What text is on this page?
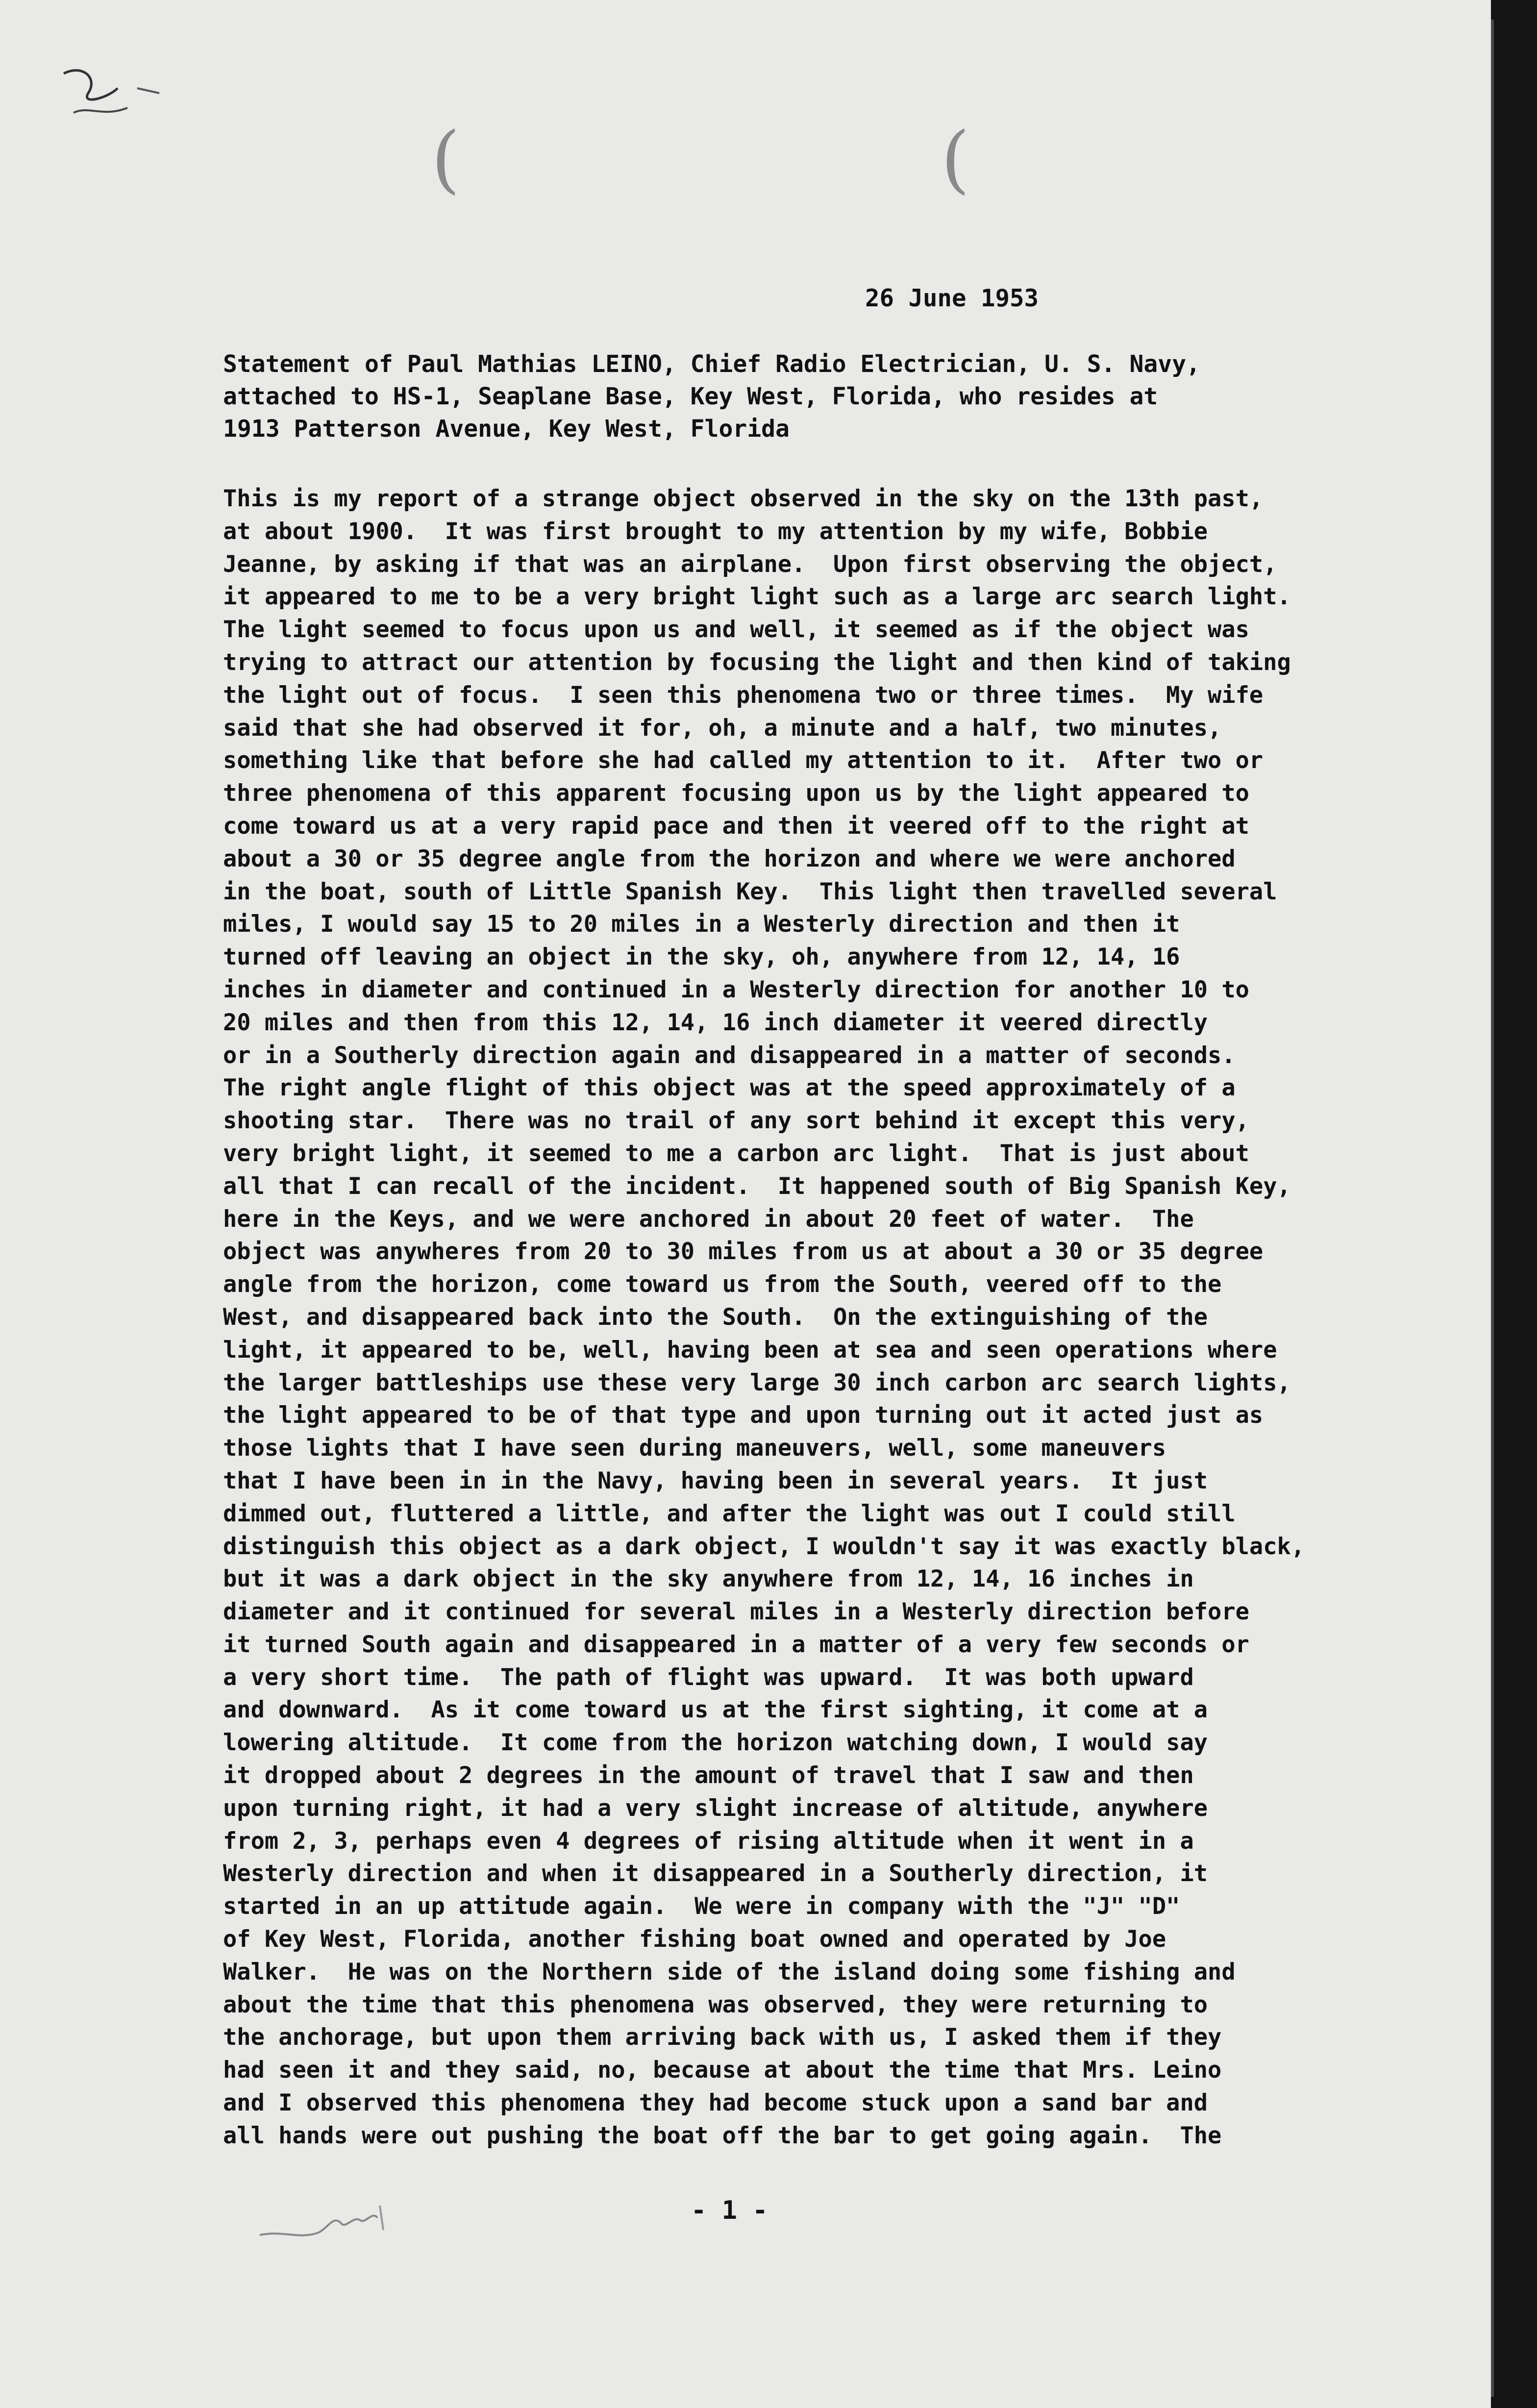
(	(
26 June 1953
Statement of Paul Mathias LEINO, Chief Radio Electrician, U. S. Navy,
attached to HS-1, Seaplane Base, Key West, Florida, who resides at
1913 Patterson Avenue, Key West, Florida
This is my report of a strange object observed in the sky on the 13th past,
at about 1900.  It was first brought to my attention by my wife, Bobbie
Jeanne, by asking if that was an airplane.  Upon first observing the object,
it appeared to me to be a very bright light such as a large arc search light.
The light seemed to focus upon us and well, it seemed as if the object was
trying to attract our attention by focusing the light and then kind of taking
the light out of focus.  I seen this phenomena two or three times.  My wife
said that she had observed it for, oh, a minute and a half, two minutes,
something like that before she had called my attention to it.  After two or
three phenomena of this apparent focusing upon us by the light appeared to
come toward us at a very rapid pace and then it veered off to the right at
about a 30 or 35 degree angle from the horizon and where we were anchored
in the boat, south of Little Spanish Key.  This light then travelled several
miles, I would say 15 to 20 miles in a Westerly direction and then it
turned off leaving an object in the sky, oh, anywhere from 12, 14, 16
inches in diameter and continued in a Westerly direction for another 10 to
20 miles and then from this 12, 14, 16 inch diameter it veered directly
or in a Southerly direction again and disappeared in a matter of seconds.
The right angle flight of this object was at the speed approximately of a
shooting star.  There was no trail of any sort behind it except this very,
very bright light, it seemed to me a carbon arc light.  That is just about
all that I can recall of the incident.  It happened south of Big Spanish Key,
here in the Keys, and we were anchored in about 20 feet of water.  The
object was anywheres from 20 to 30 miles from us at about a 30 or 35 degree
angle from the horizon, come toward us from the South, veered off to the
West, and disappeared back into the South.  On the extinguishing of the
light, it appeared to be, well, having been at sea and seen operations where
the larger battleships use these very large 30 inch carbon arc search lights,
the light appeared to be of that type and upon turning out it acted just as
those lights that I have seen during maneuvers, well, some maneuvers
that I have been in in the Navy, having been in several years.  It just
dimmed out, fluttered a little, and after the light was out I could still
distinguish this object as a dark object, I wouldn't say it was exactly black,
but it was a dark object in the sky anywhere from 12, 14, 16 inches in
diameter and it continued for several miles in a Westerly direction before
it turned South again and disappeared in a matter of a very few seconds or
a very short time.  The path of flight was upward.  It was both upward
and downward.  As it come toward us at the first sighting, it come at a
lowering altitude.  It come from the horizon watching down, I would say
it dropped about 2 degrees in the amount of travel that I saw and then
upon turning right, it had a very slight increase of altitude, anywhere
from 2, 3, perhaps even 4 degrees of rising altitude when it went in a
Westerly direction and when it disappeared in a Southerly direction, it
started in an up attitude again.  We were in company with the "J" "D"
of Key West, Florida, another fishing boat owned and operated by Joe
Walker.  He was on the Northern side of the island doing some fishing and
about the time that this phenomena was observed, they were returning to
the anchorage, but upon them arriving back with us, I asked them if they
had seen it and they said, no, because at about the time that Mrs. Leino
and I observed this phenomena they had become stuck upon a sand bar and
all hands were out pushing the boat off the bar to get going again.  The
- 1 -
